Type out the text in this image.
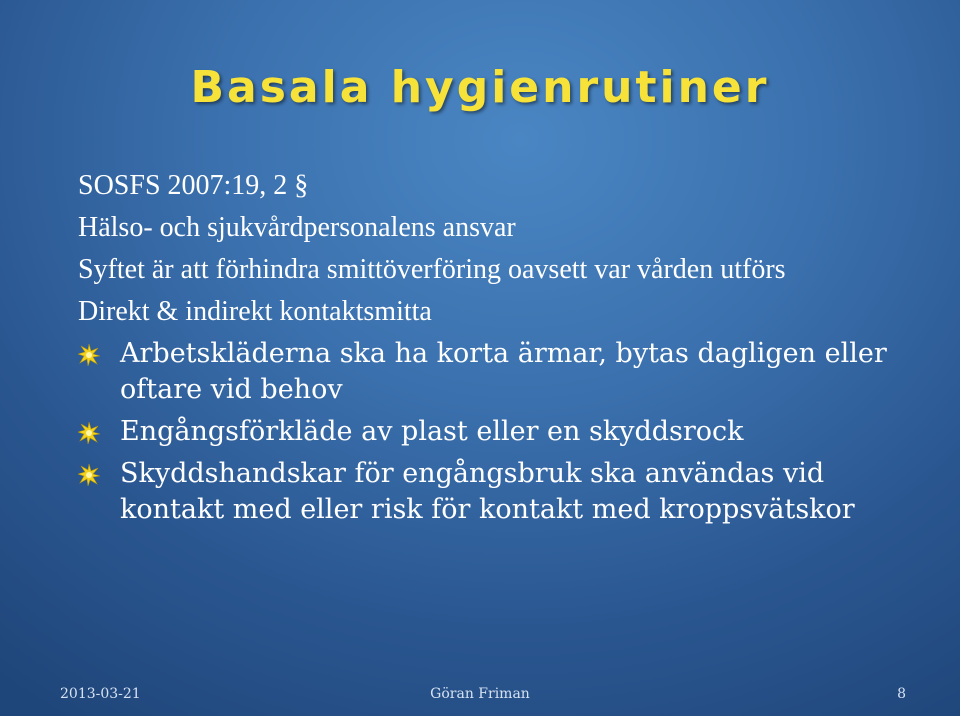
Basala hygienrutiner

SOSFS 2007:19, 2 §

Hälso- och sjukvårdpersonalens ansvar

Syftet är att förhindra smittöverföring oavsett var vården utförs

Direkt & indirekt kontaktsmitta

Arbetskläderna ska ha korta ärmar, bytas dagligen eller oftare vid behov
Engångsförkläde av plast eller en skyddsrock
Skyddshandskar för engångsbruk ska användas vid kontakt med eller risk för kontakt med kroppsvätskor
2013-03-21	Göran Friman	8
